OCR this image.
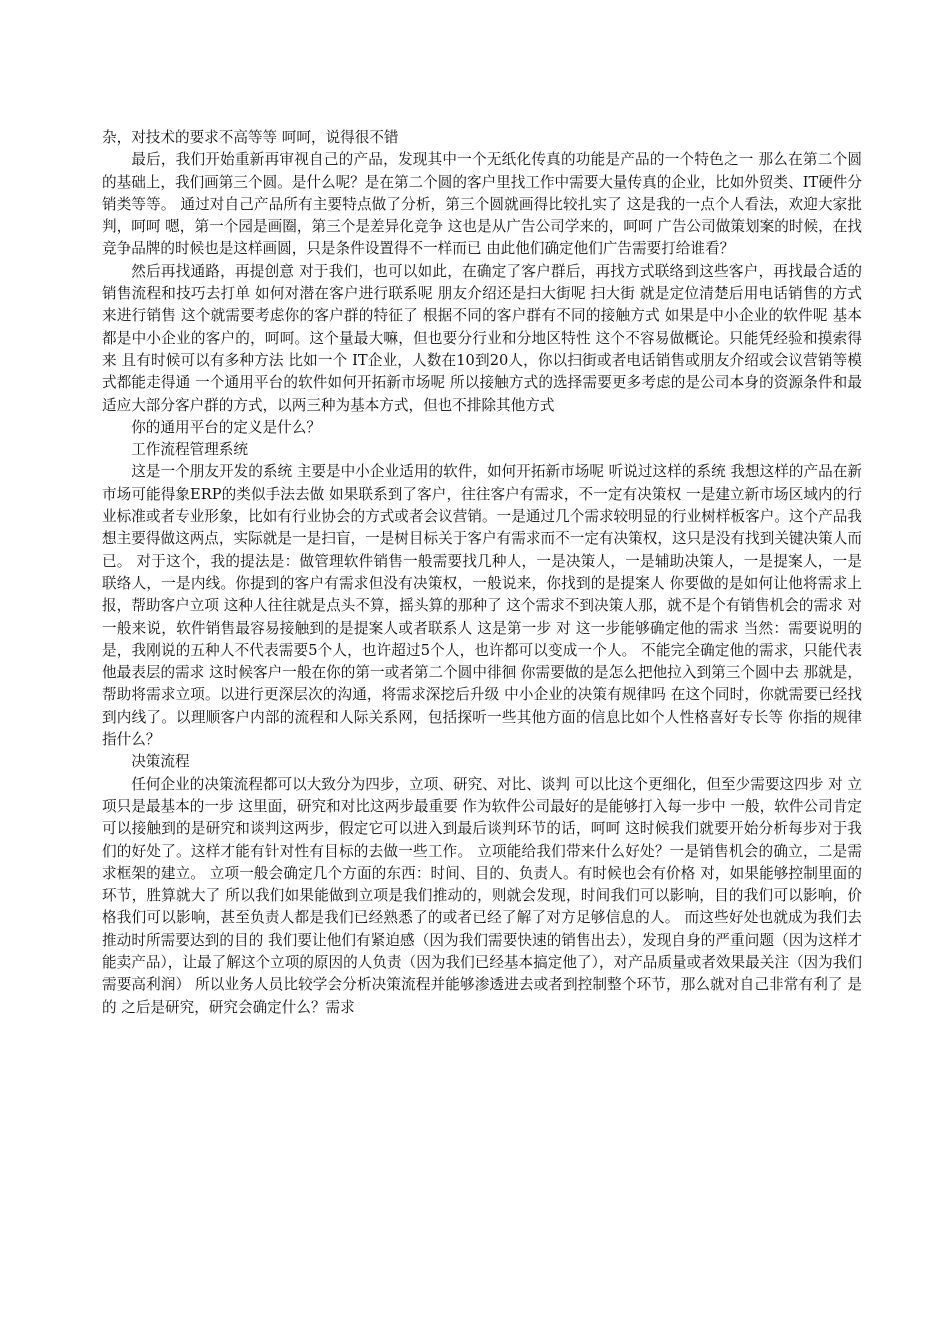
杂，对技术的要求不高等等 呵呵，说得很不错

最后，我们开始重新再审视自己的产品，发现其中一个无纸化传真的功能是产品的一个特色之一 那么在第二个圆的基础上，我们画第三个圆。是什么呢？是在第二个圆的客户里找工作中需要大量传真的企业，比如外贸类、IT硬件分销类等等。 通过对自己产品所有主要特点做了分析，第三个圆就画得比较扎实了 这是我的一点个人看法，欢迎大家批判，呵呵 嗯，第一个园是画圈，第三个是差异化竞争 这也是从广告公司学来的，呵呵 广告公司做策划案的时候，在找竞争品牌的时候也是这样画圆，只是条件设置得不一样而已 由此他们确定他们广告需要打给谁看？

然后再找通路，再提创意 对于我们，也可以如此，在确定了客户群后，再找方式联络到这些客户，再找最合适的销售流程和技巧去打单 如何对潜在客户进行联系呢 朋友介绍还是扫大街呢 扫大街 就是定位清楚后用电话销售的方式来进行销售 这个就需要考虑你的客户群的特征了 根据不同的客户群有不同的接触方式 如果是中小企业的软件呢 基本都是中小企业的客户的，呵呵。这个量最大嘛，但也要分行业和分地区特性 这个不容易做概论。只能凭经验和摸索得来 且有时候可以有多种方法 比如一个 IT企业，人数在10到20人，你以扫街或者电话销售或朋友介绍或会议营销等模式都能走得通 一个通用平台的软件如何开拓新市场呢 所以接触方式的选择需要更多考虑的是公司本身的资源条件和最适应大部分客户群的方式，以两三种为基本方式，但也不排除其他方式

你的通用平台的定义是什么？

工作流程管理系统

这是一个朋友开发的系统 主要是中小企业适用的软件，如何开拓新市场呢 听说过这样的系统 我想这样的产品在新市场可能得象ERP的类似手法去做 如果联系到了客户，往往客户有需求，不一定有决策权 一是建立新市场区域内的行业标准或者专业形象，比如有行业协会的方式或者会议营销。一是通过几个需求较明显的行业树样板客户。这个产品我想主要得做这两点，实际就是一是扫盲，一是树目标关于客户有需求而不一定有决策权，这只是没有找到关键决策人而已。 对于这个，我的提法是：做管理软件销售一般需要找几种人，一是决策人，一是辅助决策人，一是提案人，一是联络人，一是内线。你提到的客户有需求但没有决策权，一般说来，你找到的是提案人 你要做的是如何让他将需求上报，帮助客户立项 这种人往往就是点头不算，摇头算的那种了 这个需求不到决策人那，就不是个有销售机会的需求 对 一般来说，软件销售最容易接触到的是提案人或者联系人 这是第一步 对 这一步能够确定他的需求 当然：需要说明的是，我刚说的五种人不代表需要5个人，也许超过5个人，也许都可以变成一个人。 不能完全确定他的需求，只能代表他最表层的需求 这时候客户一般在你的第一或者第二个圆中徘徊 你需要做的是怎么把他拉入到第三个圆中去 那就是，帮助将需求立项。以进行更深层次的沟通，将需求深挖后升级 中小企业的决策有规律吗 在这个同时，你就需要已经找到内线了。以理顺客户内部的流程和人际关系网，包括探听一些其他方面的信息比如个人性格喜好专长等 你指的规律指什么？

决策流程

任何企业的决策流程都可以大致分为四步，立项、研究、对比、谈判 可以比这个更细化，但至少需要这四步 对 立项只是最基本的一步 这里面，研究和对比这两步最重要 作为软件公司最好的是能够打入每一步中 一般，软件公司肯定可以接触到的是研究和谈判这两步，假定它可以进入到最后谈判环节的话，呵呵 这时候我们就要开始分析每步对于我们的好处了。这样才能有针对性有目标的去做一些工作。 立项能给我们带来什么好处？一是销售机会的确立，二是需求框架的建立。 立项一般会确定几个方面的东西：时间、目的、负责人。有时候也会有价格 对，如果能够控制里面的环节，胜算就大了 所以我们如果能做到立项是我们推动的，则就会发现，时间我们可以影响，目的我们可以影响，价格我们可以影响，甚至负责人都是我们已经熟悉了的或者已经了解了对方足够信息的人。 而这些好处也就成为我们去推动时所需要达到的目的 我们要让他们有紧迫感（因为我们需要快速的销售出去），发现自身的严重问题（因为这样才能卖产品），让最了解这个立项的原因的人负责（因为我们已经基本搞定他了），对产品质量或者效果最关注（因为我们需要高利润） 所以业务人员比较学会分析决策流程并能够渗透进去或者到控制整个环节，那么就对自己非常有利了 是的 之后是研究，研究会确定什么？需求
